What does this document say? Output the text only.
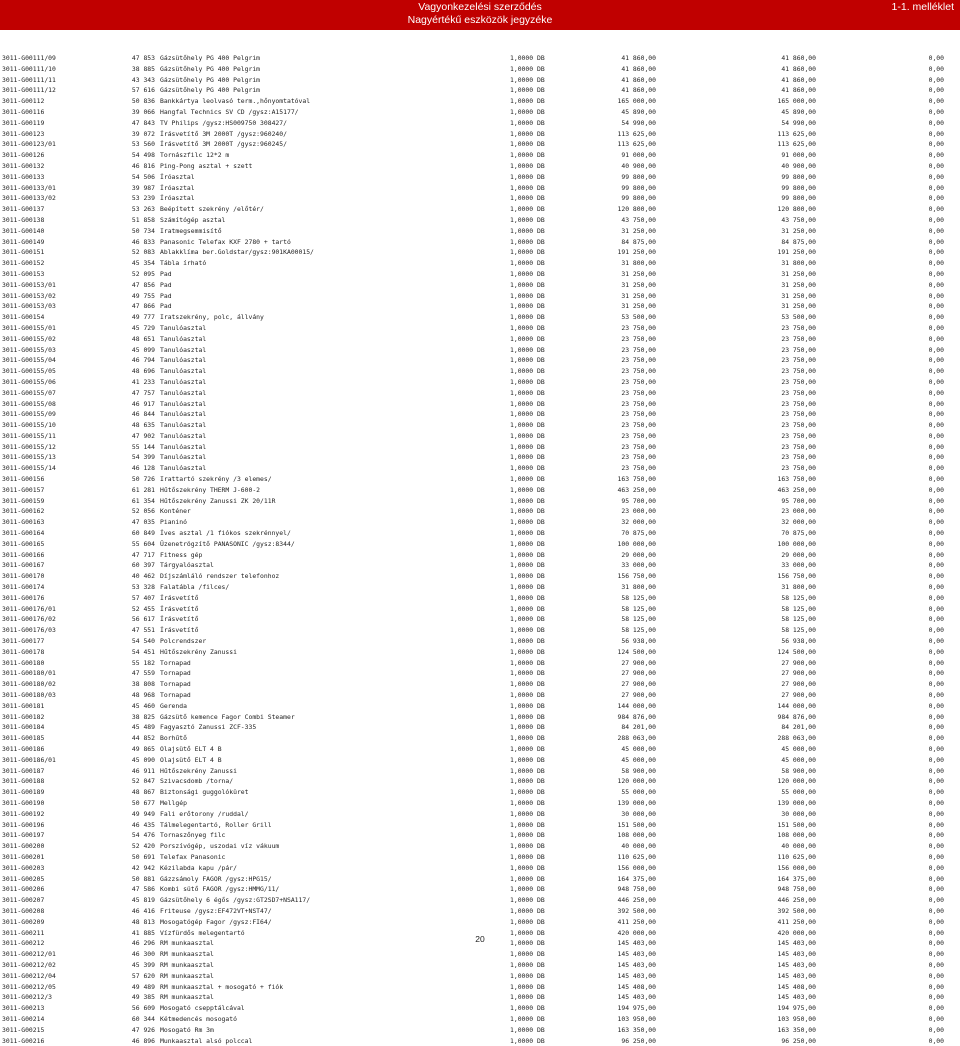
Vagyonkezelési szerződés
Nagyértékű eszközök jegyzéke
1-1. melléklet
3011-G00111/09	47 853 Gázsütőhely PG 400 Pelgrim	1,0000 DB	41 860,00	41 860,00	0,00
3011-G00111/10	38 885 Gázsütőhely PG 400 Pelgrim	1,0000 DB	41 860,00	41 860,00	0,00
3011-G00111/11	43 343 Gázsütőhely PG 400 Pelgrim	1,0000 DB	41 860,00	41 860,00	0,00
3011-G00111/12	57 616 Gázsütőhely PG 400 Pelgrim	1,0000 DB	41 860,00	41 860,00	0,00
3011-G00112	50 836 Bankkártya leolvasó term.,hőnyomtatóval	1,0000 DB	165 000,00	165 000,00	0,00
3011-G00116	39 066 Hangfal Technics SV CD /gysz:A15177/	1,0000 DB	45 890,00	45 890,00	0,00
3011-G00119	47 843 TV Philips /gysz:HS009750 308427/	1,0000 DB	54 990,00	54 990,00	0,00
3011-G00123	39 072 Írásvetítő 3M 2000T /gysz:960240/	1,0000 DB	113 625,00	113 625,00	0,00
3011-G00123/01	53 560 Írásvetítő 3M 2000T /gysz:960245/	1,0000 DB	113 625,00	113 625,00	0,00
3011-G00126	54 498 Tornászfilc 12*2 m	1,0000 DB	91 000,00	91 000,00	0,00
3011-G00132	46 816 Ping-Pong asztal + szett	1,0000 DB	40 900,00	40 900,00	0,00
3011-G00133	54 506 Íróasztal	1,0000 DB	99 800,00	99 800,00	0,00
3011-G00133/01	39 987 Íróasztal	1,0000 DB	99 800,00	99 800,00	0,00
3011-G00133/02	53 239 Íróasztal	1,0000 DB	99 800,00	99 800,00	0,00
3011-G00137	53 263 Beépített szekrény /előtér/	1,0000 DB	120 800,00	120 800,00	0,00
3011-G00138	51 858 Számítógép asztal	1,0000 DB	43 750,00	43 750,00	0,00
3011-G00140	50 734 Iratmegsemmisítő	1,0000 DB	31 250,00	31 250,00	0,00
3011-G00149	46 833 Panasonic Telefax KXF 2780 + tartó	1,0000 DB	84 875,00	84 875,00	0,00
3011-G00151	52 083 Ablakklíma ber.Goldstar/gysz:901KA00015/	1,0000 DB	191 250,00	191 250,00	0,00
3011-G00152	45 354 Tábla írható	1,0000 DB	31 800,00	31 800,00	0,00
3011-G00153	52 095 Pad	1,0000 DB	31 250,00	31 250,00	0,00
3011-G00153/01	47 856 Pad	1,0000 DB	31 250,00	31 250,00	0,00
3011-G00153/02	49 755 Pad	1,0000 DB	31 250,00	31 250,00	0,00
3011-G00153/03	47 866 Pad	1,0000 DB	31 250,00	31 250,00	0,00
3011-G00154	49 777 Iratszekrény, polc, állvány	1,0000 DB	53 500,00	53 500,00	0,00
3011-G00155/01	45 729 Tanulóasztal	1,0000 DB	23 750,00	23 750,00	0,00
3011-G00155/02	48 651 Tanulóasztal	1,0000 DB	23 750,00	23 750,00	0,00
3011-G00155/03	45 099 Tanulóasztal	1,0000 DB	23 750,00	23 750,00	0,00
3011-G00155/04	46 794 Tanulóasztal	1,0000 DB	23 750,00	23 750,00	0,00
3011-G00155/05	48 696 Tanulóasztal	1,0000 DB	23 750,00	23 750,00	0,00
3011-G00155/06	41 233 Tanulóasztal	1,0000 DB	23 750,00	23 750,00	0,00
3011-G00155/07	47 757 Tanulóasztal	1,0000 DB	23 750,00	23 750,00	0,00
3011-G00155/08	46 917 Tanulóasztal	1,0000 DB	23 750,00	23 750,00	0,00
3011-G00155/09	46 844 Tanulóasztal	1,0000 DB	23 750,00	23 750,00	0,00
3011-G00155/10	48 635 Tanulóasztal	1,0000 DB	23 750,00	23 750,00	0,00
3011-G00155/11	47 902 Tanulóasztal	1,0000 DB	23 750,00	23 750,00	0,00
3011-G00155/12	55 144 Tanulóasztal	1,0000 DB	23 750,00	23 750,00	0,00
3011-G00155/13	54 399 Tanulóasztal	1,0000 DB	23 750,00	23 750,00	0,00
3011-G00155/14	46 128 Tanulóasztal	1,0000 DB	23 750,00	23 750,00	0,00
3011-G00156	50 726 Irattartó szekrény /3 elemes/	1,0000 DB	163 750,00	163 750,00	0,00
3011-G00157	61 281 Hűtőszekrény THERM J-600-2	1,0000 DB	463 250,00	463 250,00	0,00
3011-G00159	61 354 Hűtőszekrény Zanussi ZK 20/11R	1,0000 DB	95 700,00	95 700,00	0,00
3011-G00162	52 056 Konténer	1,0000 DB	23 000,00	23 000,00	0,00
3011-G00163	47 035 Pianinó	1,0000 DB	32 000,00	32 000,00	0,00
3011-G00164	60 849 Íves asztal /1 fiókos szekrénnyel/	1,0000 DB	70 875,00	70 875,00	0,00
3011-G00165	55 604 Üzenetrögzítő PANASONIC /gysz:8344/	1,0000 DB	100 000,00	100 000,00	0,00
3011-G00166	47 717 Fitness gép	1,0000 DB	29 000,00	29 000,00	0,00
3011-G00167	60 397 Tárgyalóasztal	1,0000 DB	33 000,00	33 000,00	0,00
3011-G00170	40 462 Díjszámláló rendszer telefonhoz	1,0000 DB	156 750,00	156 750,00	0,00
3011-G00174	53 328 Falatábla /filces/	1,0000 DB	31 800,00	31 800,00	0,00
3011-G00176	57 407 Írásvetítő	1,0000 DB	58 125,00	58 125,00	0,00
3011-G00176/01	52 455 Írásvetítő	1,0000 DB	58 125,00	58 125,00	0,00
3011-G00176/02	56 617 Írásvetítő	1,0000 DB	58 125,00	58 125,00	0,00
3011-G00176/03	47 551 Írásvetítő	1,0000 DB	58 125,00	58 125,00	0,00
3011-G00177	54 540 Polcrendszer	1,0000 DB	56 938,00	56 938,00	0,00
3011-G00178	54 451 Hűtőszekrény Zanussi	1,0000 DB	124 500,00	124 500,00	0,00
3011-G00180	55 182 Tornapad	1,0000 DB	27 900,00	27 900,00	0,00
3011-G00180/01	47 559 Tornapad	1,0000 DB	27 900,00	27 900,00	0,00
3011-G00180/02	38 808 Tornapad	1,0000 DB	27 900,00	27 900,00	0,00
3011-G00180/03	48 968 Tornapad	1,0000 DB	27 900,00	27 900,00	0,00
3011-G00181	45 460 Gerenda	1,0000 DB	144 000,00	144 000,00	0,00
3011-G00182	38 825 Gázsütő kemence Fagor Combi Steamer	1,0000 DB	984 876,00	984 876,00	0,00
3011-G00184	45 489 Fagyasztó Zanussi ZCF-335	1,0000 DB	84 201,00	84 201,00	0,00
3011-G00185	44 852 Borhűtő	1,0000 DB	288 063,00	288 063,00	0,00
3011-G00186	49 865 Olajsütő ELT 4 B	1,0000 DB	45 000,00	45 000,00	0,00
3011-G00186/01	45 090 Olajsütő ELT 4 B	1,0000 DB	45 000,00	45 000,00	0,00
3011-G00187	46 911 Hűtőszekrény Zanussi	1,0000 DB	58 900,00	58 900,00	0,00
3011-G00188	52 047 Szivacsdomb /torna/	1,0000 DB	120 000,00	120 000,00	0,00
3011-G00189	48 867 Biztonsági guggolóküret	1,0000 DB	55 000,00	55 000,00	0,00
3011-G00190	50 677 Mellgép	1,0000 DB	139 000,00	139 000,00	0,00
3011-G00192	49 949 Fali erőtorony /ruddal/	1,0000 DB	30 000,00	30 000,00	0,00
3011-G00196	46 435 Tálmelegentartó, Roller Grill	1,0000 DB	151 500,00	151 500,00	0,00
3011-G00197	54 476 Tornaszőnyeg filc	1,0000 DB	108 000,00	108 000,00	0,00
3011-G00200	52 420 Porszívógép, uszodai víz vákuum	1,0000 DB	40 000,00	40 000,00	0,00
3011-G00201	50 691 Telefax Panasonic	1,0000 DB	110 625,00	110 625,00	0,00
3011-G00203	42 942 Kézilabda kapu /pár/	1,0000 DB	156 000,00	156 000,00	0,00
3011-G00205	50 881 Gázzsámoly FAGOR /gysz:HPG15/	1,0000 DB	164 375,00	164 375,00	0,00
3011-G00206	47 586 Kombi sütő FAGOR /gysz:HMMG/11/	1,0000 DB	948 750,00	948 750,00	0,00
3011-G00207	45 819 Gázsütőhely 6 égős /gysz:GT2SD7+NSA117/	1,0000 DB	446 250,00	446 250,00	0,00
3011-G00208	46 416 Friteuse /gysz:EF472VT+NST47/	1,0000 DB	392 500,00	392 500,00	0,00
3011-G00209	48 813 Mosogatógép Fagor /gysz:FI64/	1,0000 DB	411 250,00	411 250,00	0,00
3011-G00211	41 885 Vízfürdős melegentartó	1,0000 DB	420 000,00	420 000,00	0,00
3011-G00212	46 296 RM munkaasztal	1,0000 DB	145 403,00	145 403,00	0,00
3011-G00212/01	46 300 RM munkaasztal	1,0000 DB	145 403,00	145 403,00	0,00
3011-G00212/02	45 399 RM munkaasztal	1,0000 DB	145 403,00	145 403,00	0,00
3011-G00212/04	57 620 RM munkaasztal	1,0000 DB	145 403,00	145 403,00	0,00
3011-G00212/05	49 489 RM munkaasztal + mosogató + fiók	1,0000 DB	145 408,00	145 408,00	0,00
3011-G00212/3	49 385 RM munkaasztal	1,0000 DB	145 403,00	145 403,00	0,00
3011-G00213	56 609 Mosogató csepptálcával	1,0000 DB	194 975,00	194 975,00	0,00
3011-G00214	60 344 Kétmedencés mosogató	1,0000 DB	103 950,00	103 950,00	0,00
3011-G00215	47 926 Mosogató Rm 3m	1,0000 DB	163 350,00	163 350,00	0,00
3011-G00216	46 896 Munkaasztal alsó polccal	1,0000 DB	96 250,00	96 250,00	0,00
20
